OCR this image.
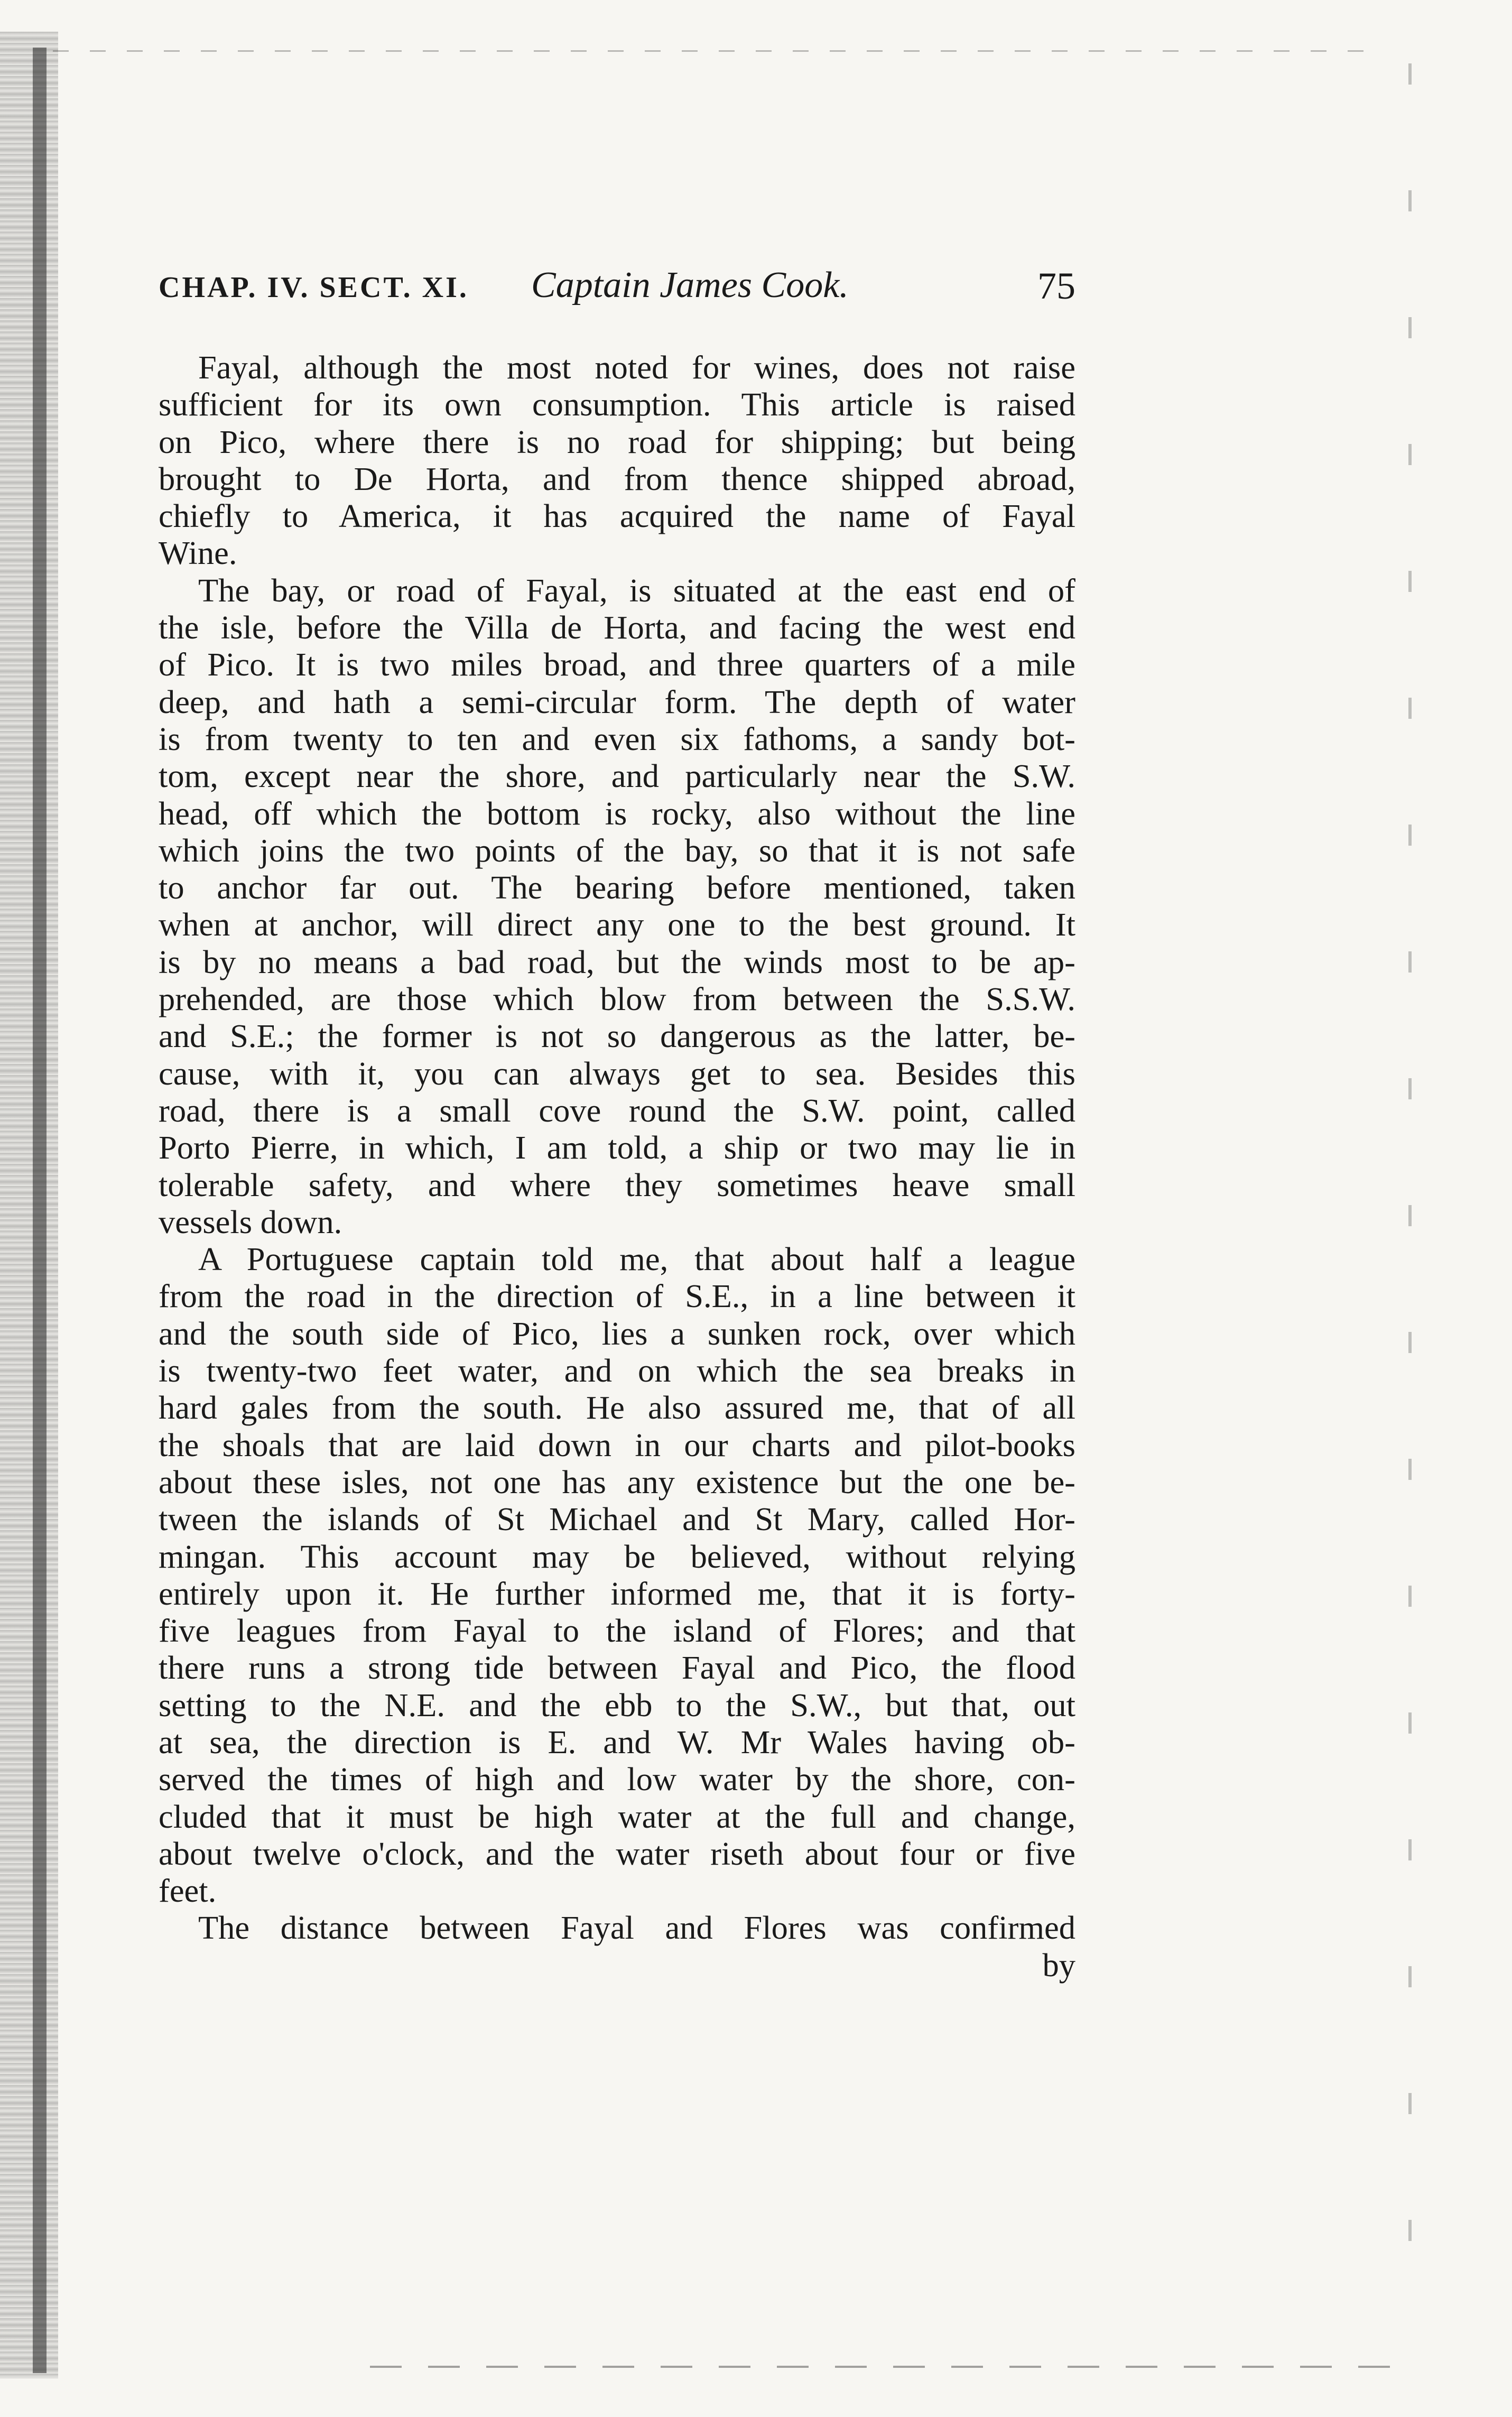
CHAP. IV. SECT. XI. Captain James Cook.	75
Fayal, although the most noted for wines, does not raise
sufficient for its own consumption. This article is raised
on Pico, where there is no road for shipping; but being
brought to De Horta, and from thence shipped abroad,
chiefly to America, it has acquired the name of Fayal
Wine.
The bay, or road of Fayal, is situated at the east end of
the isle, before the Villa de Horta, and facing the west end
of Pico. It is two miles broad, and three quarters of a mile
deep, and hath a semi-circular form. The depth of water
is from twenty to ten and even six fathoms, a sandy bot-
tom, except near the shore, and particularly near the S.W.
head, off which the bottom is rocky, also without the line
which joins the two points of the bay, so that it is not safe
to anchor far out. The bearing before mentioned, taken
when at anchor, will direct any one to the best ground. It
is by no means a bad road, but the winds most to be ap-
prehended, are those which blow from between the S.S.W.
and S.E.; the former is not so dangerous as the latter, be-
cause, with it, you can always get to sea. Besides this
road, there is a small cove round the S.W. point, called
Porto Pierre, in which, I am told, a ship or two may lie in
tolerable safety, and where they sometimes heave small
vessels down.
A Portuguese captain told me, that about half a league
from the road in the direction of S.E., in a line between it
and the south side of Pico, lies a sunken rock, over which
is twenty-two feet water, and on which the sea breaks in
hard gales from the south. He also assured me, that of all
the shoals that are laid down in our charts and pilot-books
about these isles, not one has any existence but the one be-
tween the islands of St Michael and St Mary, called Hor-
mingan. This account may be believed, without relying
entirely upon it. He further informed me, that it is forty-
five leagues from Fayal to the island of Flores; and that
there runs a strong tide between Fayal and Pico, the flood
setting to the N.E. and the ebb to the S.W., but that, out
at sea, the direction is E. and W. Mr Wales having ob-
served the times of high and low water by the shore, con-
cluded that it must be high water at the full and change,
about twelve o'clock, and the water riseth about four or five
feet.
The distance between Fayal and Flores was confirmed
by
